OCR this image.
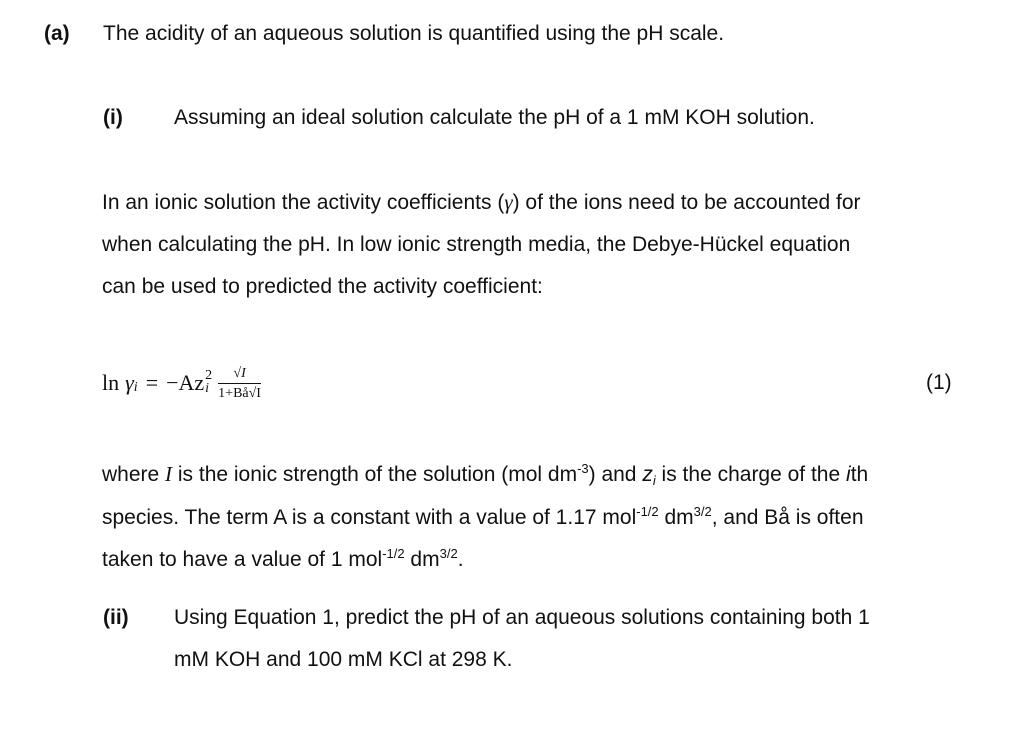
(a) The acidity of an aqueous solution is quantified using the pH scale.
(i) Assuming an ideal solution calculate the pH of a 1 mM KOH solution.
In an ionic solution the activity coefficients (γ) of the ions need to be accounted for
when calculating the pH. In low ionic strength media, the Debye-Hückel equation
can be used to predicted the activity coefficient:
ln γ i = −Az 2
i $\frac{√I}{1+Bå√I}$	(1)
where I is the ionic strength of the solution (mol $dm^{-3}$) and $z_i$ is the charge of the ith
species. The term A is a constant with a value of 1.17 mol$^{-1/2}$ $dm^{3/2}$, and Bå is often
taken to have a value of 1 mol$^{-1/2}$ $dm^{3/2}$.
(ii) Using Equation 1, predict the pH of an aqueous solutions containing both 1
mM KOH and 100 mM KCl at 298 K.
